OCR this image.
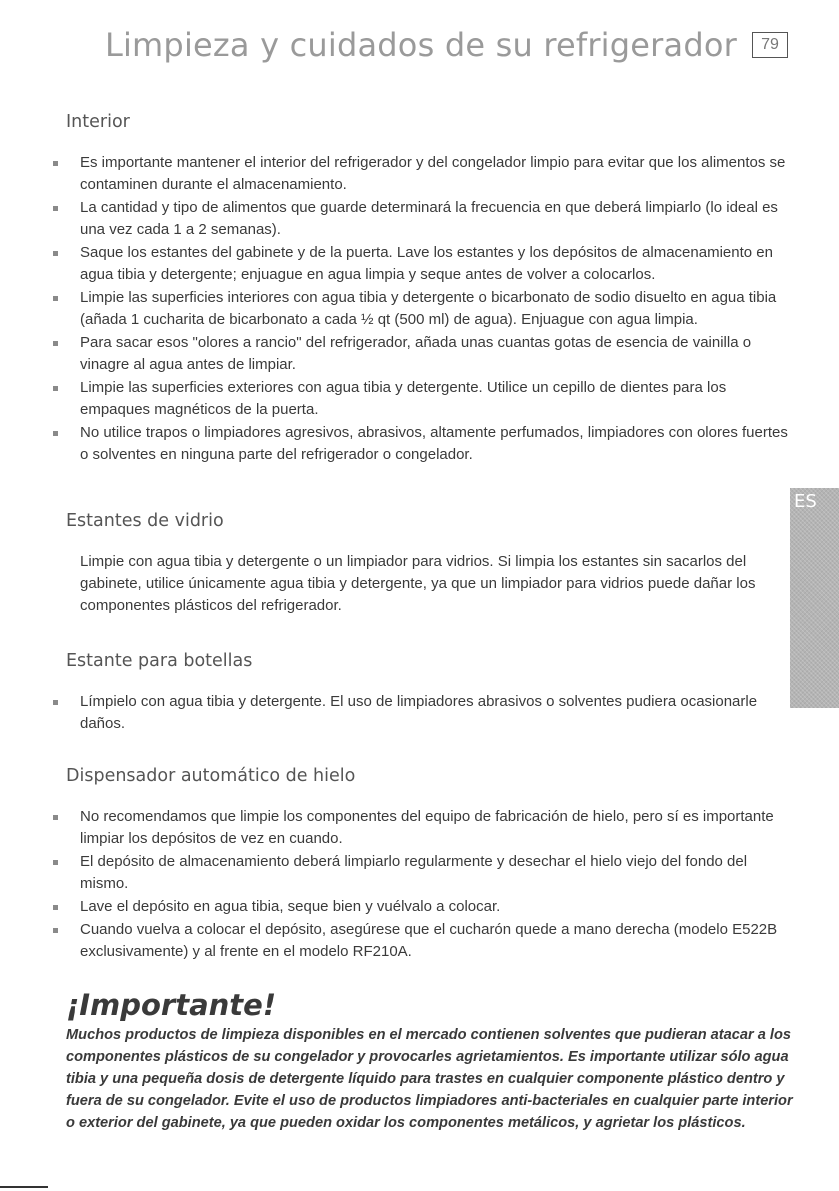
Limpieza y cuidados de su refrigerador	79
ES
Interior
Es importante mantener el interior del refrigerador y del congelador limpio para evitar que los alimentos se contaminen durante el almacenamiento.
La cantidad y tipo de alimentos que guarde determinará la frecuencia en que deberá limpiarlo (lo ideal es una vez cada 1 a 2 semanas).
Saque los estantes del gabinete y de la puerta. Lave los estantes y los depósitos de almacenamiento en agua tibia y detergente; enjuague en agua limpia y seque antes de volver a colocarlos.
Limpie las superficies interiores con agua tibia y detergente o bicarbonato de sodio disuelto en agua tibia (añada 1 cucharita de bicarbonato a cada ½ qt (500 ml) de agua). Enjuague con agua limpia.
Para sacar esos "olores a rancio" del refrigerador, añada unas cuantas gotas de esencia de vainilla o vinagre al agua antes de limpiar.
Limpie las superficies exteriores con agua tibia y detergente. Utilice un cepillo de dientes para los empaques magnéticos de la puerta.
No utilice trapos o limpiadores agresivos, abrasivos, altamente perfumados, limpiadores con olores fuertes o solventes en ninguna parte del refrigerador o congelador.
Estantes de vidrio

Limpie con agua tibia y detergente o un limpiador para vidrios. Si limpia los estantes sin sacarlos del gabinete, utilice únicamente agua tibia y detergente, ya que un limpiador para vidrios puede dañar los componentes plásticos del refrigerador.

Estante para botellas
Límpielo con agua tibia y detergente. El uso de limpiadores abrasivos o solventes pudiera ocasionarle daños.
Dispensador automático de hielo
No recomendamos que limpie los componentes del equipo de fabricación de hielo, pero sí es importante limpiar los depósitos de vez en cuando.
El depósito de almacenamiento deberá limpiarlo regularmente y desechar el hielo viejo del fondo del mismo.
Lave el depósito en agua tibia, seque bien y vuélvalo a colocar.
Cuando vuelva a colocar el depósito, asegúrese que el cucharón quede a mano derecha (modelo E522B exclusivamente) y al frente en el modelo RF210A.
¡Importante!

Muchos productos de limpieza disponibles en el mercado contienen solventes que pudieran atacar a los componentes plásticos de su congelador y provocarles agrietamientos. Es importante utilizar sólo agua tibia y una pequeña dosis de detergente líquido para trastes en cualquier componente plástico dentro y fuera de su congelador. Evite el uso de productos limpiadores anti-bacteriales en cualquier parte interior o exterior del gabinete, ya que pueden oxidar los componentes metálicos, y agrietar los plásticos.
